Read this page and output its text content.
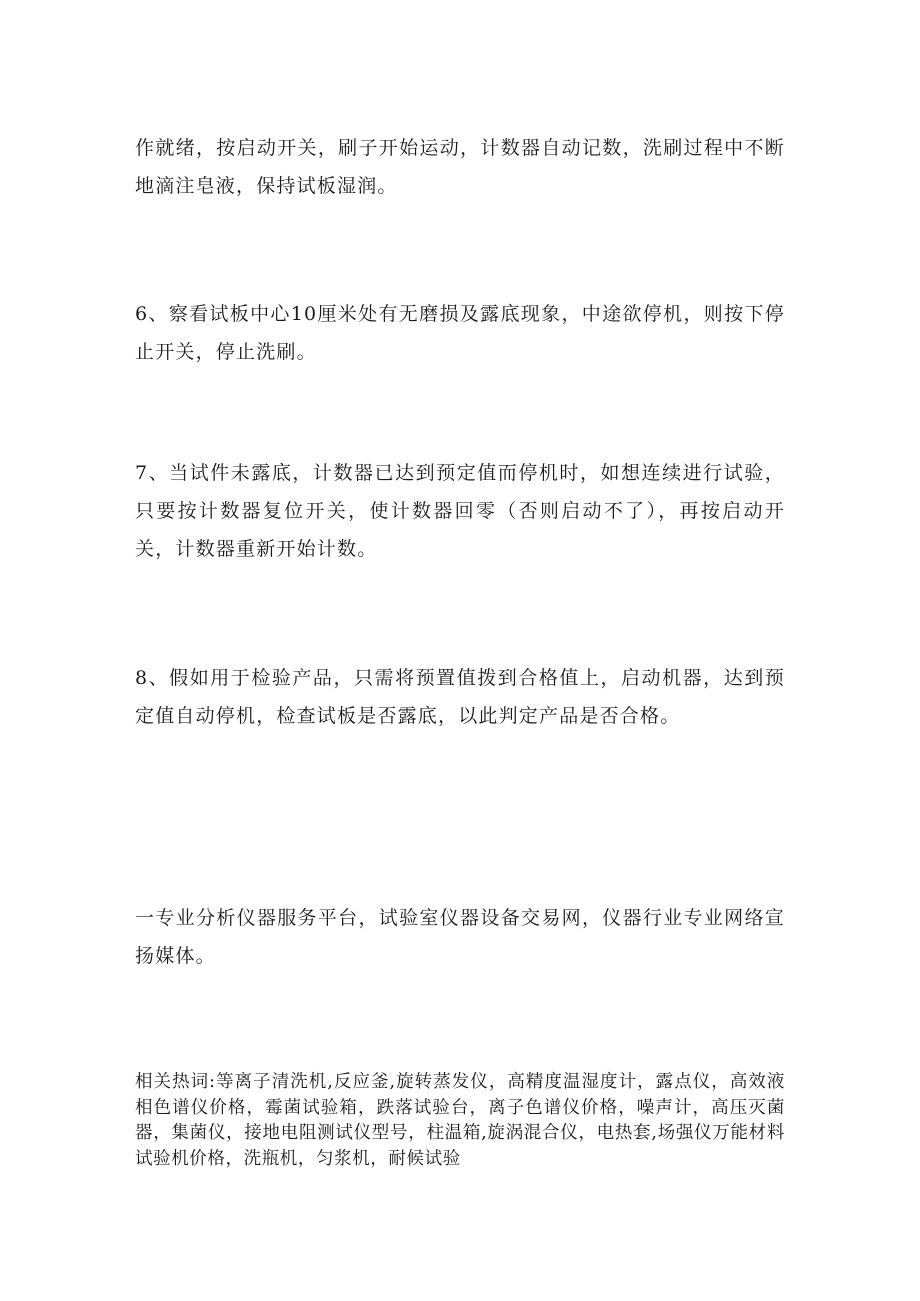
作就绪，按启动开关，刷子开始运动，计数器自动记数，洗刷过程中不断地滴注皂液，保持试板湿润。

6、察看试板中心10厘米处有无磨损及露底现象，中途欲停机，则按下停止开关，停止洗刷。

7、当试件未露底，计数器已达到预定值而停机时，如想连续进行试验，只要按计数器复位开关，使计数器回零（否则启动不了），再按启动开关，计数器重新开始计数。

8、假如用于检验产品，只需将预置值拨到合格值上，启动机器，达到预定值自动停机，检查试板是否露底，以此判定产品是否合格。

一专业分析仪器服务平台，试验室仪器设备交易网，仪器行业专业网络宣扬媒体。

相关热词:等离子清洗机,反应釜,旋转蒸发仪，高精度温湿度计，露点仪，高效液相色谱仪价格，霉菌试验箱，跌落试验台，离子色谱仪价格，噪声计，高压灭菌器，集菌仪，接地电阻测试仪型号，柱温箱,旋涡混合仪，电热套,场强仪万能材料试验机价格，洗瓶机，匀浆机，耐候试验
